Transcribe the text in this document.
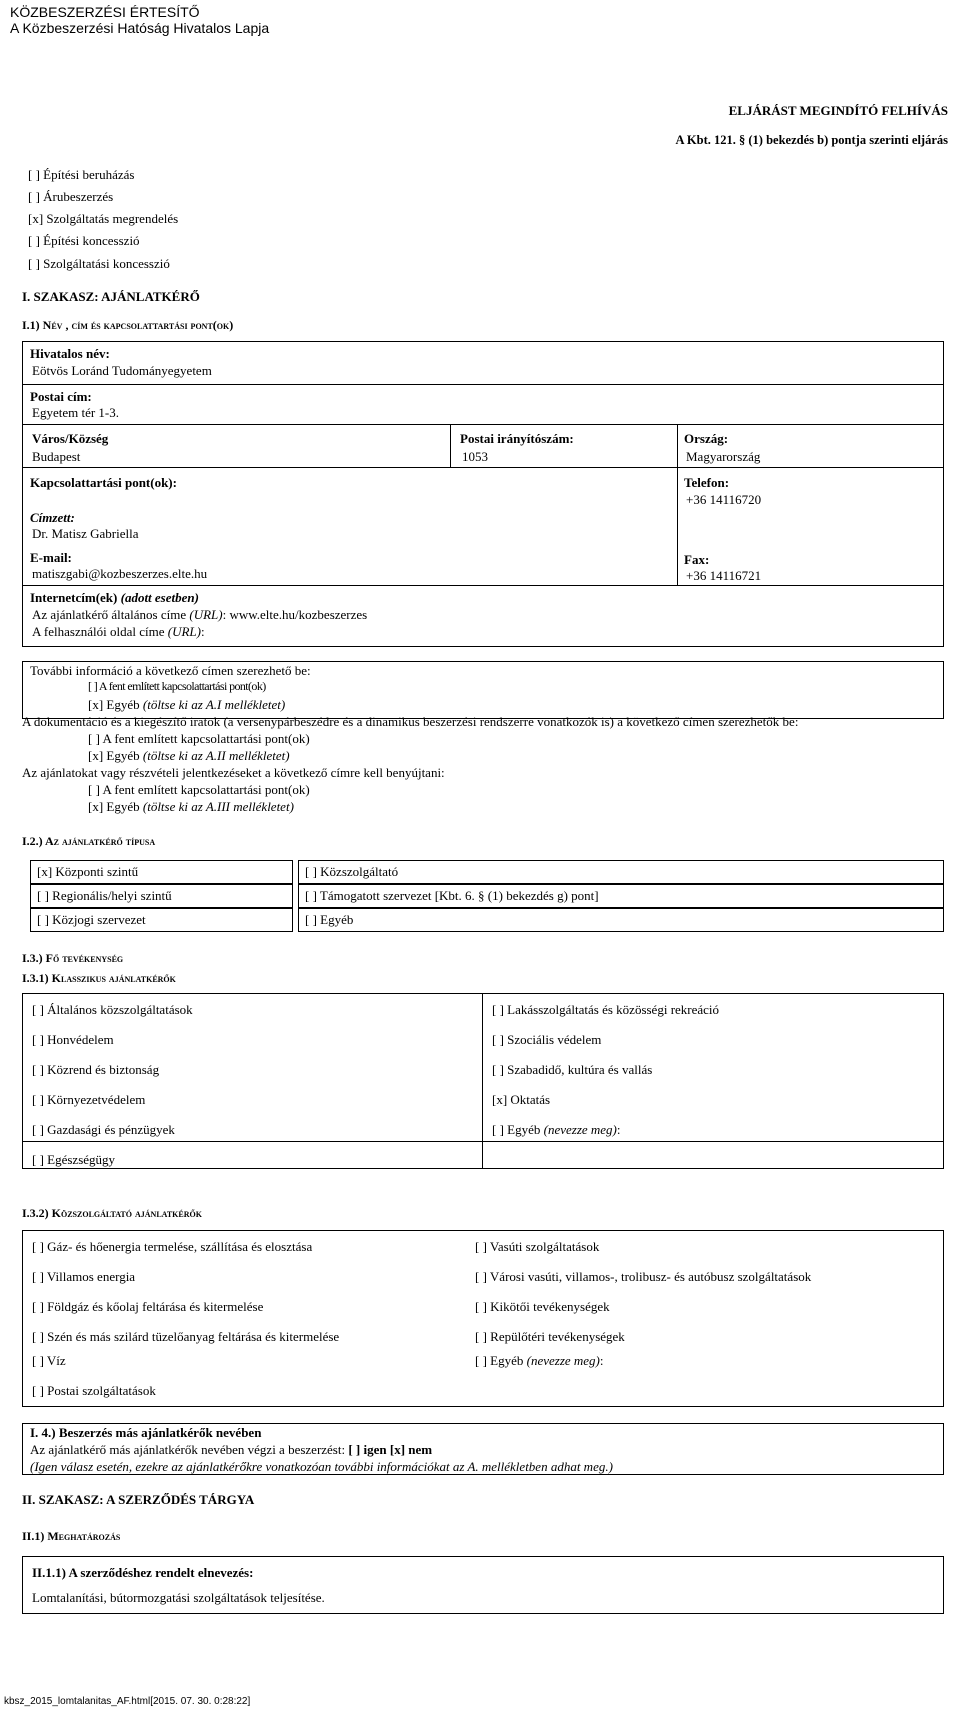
KÖZBESZERZÉSI ÉRTESÍTŐ
A Közbeszerzési Hatóság Hivatalos Lapja
ELJÁRÁST MEGINDÍTÓ FELHÍVÁS
A Kbt. 121. § (1) bekezdés b) pontja szerinti eljárás
[ ] Építési beruházás
[ ] Árubeszerzés
[x] Szolgáltatás megrendelés
[ ] Építési koncesszió
[ ] Szolgáltatási koncesszió
I. SZAKASZ: AJÁNLATKÉRŐ
I.1) Név , cím és kapcsolattartási pont(ok)
Hivatalos név:
Eötvös Loránd Tudományegyetem
Postai cím:
Egyetem tér 1-3.
Város/Község
Budapest
Postai irányítószám:
1053
Ország:
Magyarország
Kapcsolattartási pont(ok):
Címzett:
Dr. Matisz Gabriella
Telefon:
+36 14116720
E-mail:
matiszgabi@kozbeszerzes.elte.hu
Fax:
+36 14116721
Internetcím(ek) (adott esetben)
Az ajánlatkérő általános címe (URL): www.elte.hu/kozbeszerzes
A felhasználói oldal címe (URL):
További információ a következő címen szerezhető be:
[ ] A fent említett kapcsolattartási pont(ok)
[x] Egyéb (töltse ki az A.I mellékletet)
A dokumentáció és a kiegészítő iratok (a versenypárbeszédre és a dinamikus beszerzési rendszerre vonatkozók is) a következő címen szerezhetők be:
[ ] A fent említett kapcsolattartási pont(ok)
[x] Egyéb (töltse ki az A.II mellékletet)
Az ajánlatokat vagy részvételi jelentkezéseket a következő címre kell benyújtani:
[ ] A fent említett kapcsolattartási pont(ok)
[x] Egyéb (töltse ki az A.III mellékletet)
I.2.) Az ajánlatkérő típusa
[x] Központi szintű
[ ] Regionális/helyi szintű
[ ] Közjogi szervezet
[ ] Közszolgáltató
[ ] Támogatott szervezet [Kbt. 6. § (1) bekezdés g) pont]
[ ] Egyéb
I.3.) Fő tevékenység
I.3.1) Klasszikus ajánlatkérők
[ ] Általános közszolgáltatások
[ ] Honvédelem
[ ] Közrend és biztonság
[ ] Környezetvédelem
[ ] Gazdasági és pénzügyek
[ ] Egészségügy
[ ] Lakásszolgáltatás és közösségi rekreáció
[ ] Szociális védelem
[ ] Szabadidő, kultúra és vallás
[x] Oktatás
[ ] Egyéb (nevezze meg):
I.3.2) Közszolgáltató ajánlatkérők
[ ] Gáz- és hőenergia termelése, szállítása és elosztása
[ ] Villamos energia
[ ] Földgáz és kőolaj feltárása és kitermelése
[ ] Szén és más szilárd tüzelőanyag feltárása és kitermelése
[ ] Víz
[ ] Postai szolgáltatások
[ ] Vasúti szolgáltatások
[ ] Városi vasúti, villamos-, trolibusz- és autóbusz szolgáltatások
[ ] Kikötői tevékenységek
[ ] Repülőtéri tevékenységek
[ ] Egyéb (nevezze meg):
I. 4.) Beszerzés más ajánlatkérők nevében
Az ajánlatkérő más ajánlatkérők nevében végzi a beszerzést: [ ] igen [x] nem
(Igen válasz esetén, ezekre az ajánlatkérőkre vonatkozóan további információkat az A. mellékletben adhat meg.)
II. SZAKASZ: A SZERZŐDÉS TÁRGYA
II.1) Meghatározás
II.1.1) A szerződéshez rendelt elnevezés:
Lomtalanítási, bútormozgatási szolgáltatások teljesítése.
kbsz_2015_lomtalanitas_AF.html[2015. 07. 30. 0:28:22]
